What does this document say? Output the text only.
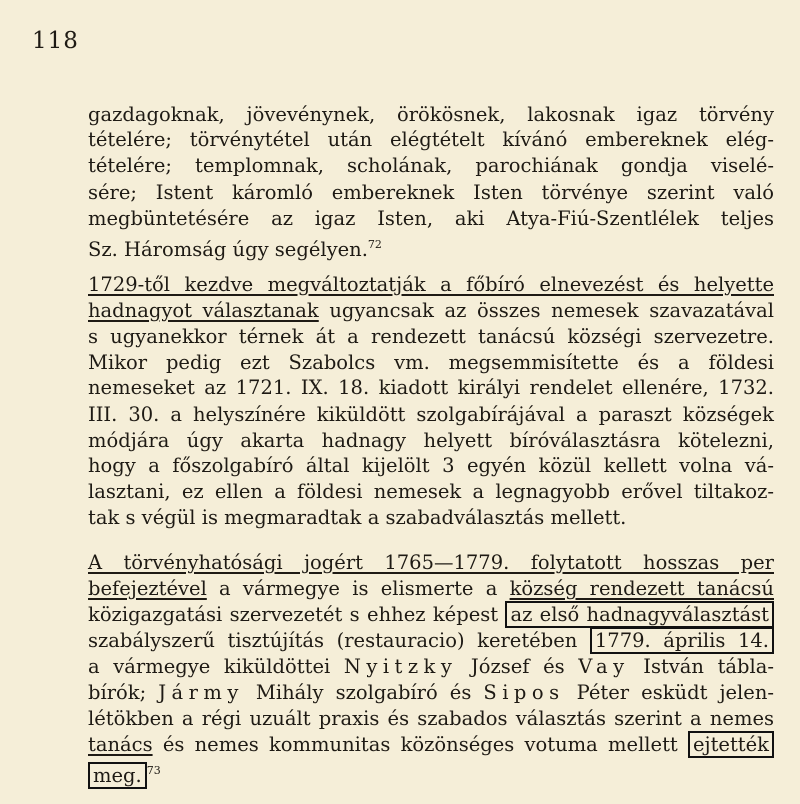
118
gazdagoknak, jövevénynek, örökösnek, lakosnak igaz törvény
tételére; törvénytétel után elégtételt kívánó embereknek elég-
tételére; templomnak, scholának, parochiának gondja viselé-
sére; Istent káromló embereknek Isten törvénye szerint való
megbüntetésére az igaz Isten, aki Atya-Fiú-Szentlélek teljes
Sz. Háromság úgy segélyen.$^{72}$
1729-től kezdve megváltoztatják a főbíró elnevezést és helyette
hadnagyot választanak ugyancsak az összes nemesek szavazatával
s ugyanekkor térnek át a rendezett tanácsú községi szervezetre.
Mikor pedig ezt Szabolcs vm. megsemmisítette és a földesi
nemeseket az 1721. IX. 18. kiadott királyi rendelet ellenére, 1732.
III. 30. a helyszínére kiküldött szolgabírájával a paraszt községek
módjára úgy akarta hadnagy helyett bíróválasztásra kötelezni,
hogy a főszolgabíró által kijelölt 3 egyén közül kellett volna vá-
lasztani, ez ellen a földesi nemesek a legnagyobb erővel tiltakoz-
tak s végül is megmaradtak a szabadválasztás mellett.
A törvényhatósági jogért 1765—1779. folytatott hosszas per
befejeztével a vármegye is elismerte a község rendezett tanácsú
közigazgatási szervezetét s ehhez képest az első hadnagyválasztást
szabályszerű tisztújítás (restauracio) keretében 1779. április 14.
a vármegye kiküldöttei Nyitzky József és Vay István tábla-
bírók; Jármy Mihály szolgabíró és Sipos Péter esküdt jelen-
létökben a régi uzuált praxis és szabados választás szerint a nemes
tanács és nemes kommunitas közönséges votuma mellett ejtették
meg. $^{73}$
